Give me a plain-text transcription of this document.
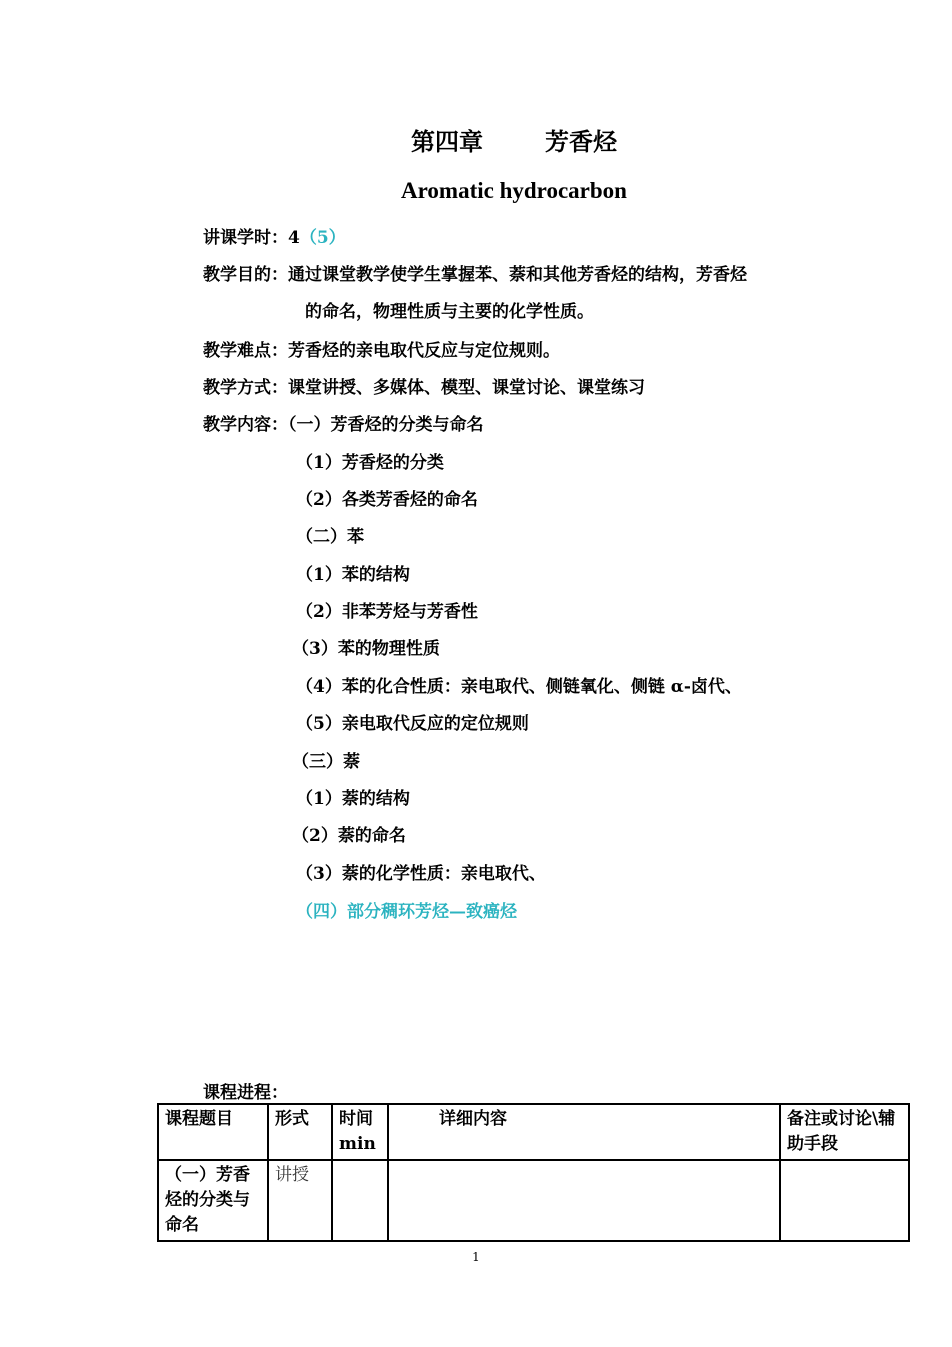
第四章	芳香烃
Aromatic hydrocarbon
讲课学时：4（5）
教学目的：通过课堂教学使学生掌握苯、萘和其他芳香烃的结构，芳香烃
的命名，物理性质与主要的化学性质。
教学难点：芳香烃的亲电取代反应与定位规则。
教学方式：课堂讲授、多媒体、模型、课堂讨论、课堂练习
教学内容：（一）芳香烃的分类与命名
（1）芳香烃的分类
（2）各类芳香烃的命名
（二）苯
（1）苯的结构
（2）非苯芳烃与芳香性
（3）苯的物理性质
（4）苯的化合性质：亲电取代、侧链氧化、侧链 α-卤代、
（5）亲电取代反应的定位规则
（三）萘
（1）萘的结构
（2）萘的命名
（3）萘的化学性质：亲电取代、
（四）部分稠环芳烃—致癌烃
课程进程：
课程题目	形式	时间 min	详细内容	备注或讨论\辅助手段
（一）芳香烃的分类与命名	讲授			
1
